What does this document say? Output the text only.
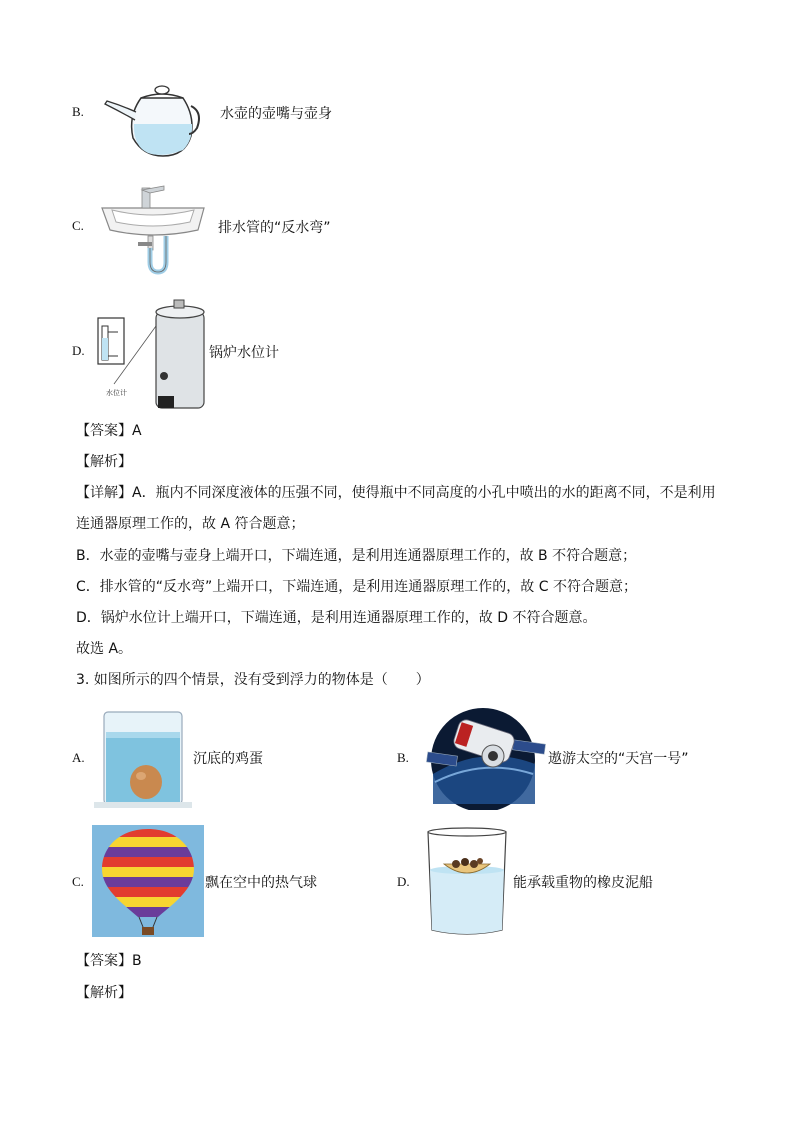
B.	水壶的壶嘴与壶身
C.	排水管的“反水弯”
D.
水位计
锅炉水位计
【答案】A
【解析】
【详解】A．瓶内不同深度液体的压强不同，使得瓶中不同高度的小孔中喷出的水的距离不同，不是利用
连通器原理工作的，故 A 符合题意；
B．水壶的壶嘴与壶身上端开口，下端连通，是利用连通器原理工作的，故 B 不符合题意；
C．排水管的“反水弯”上端开口，下端连通，是利用连通器原理工作的，故 C 不符合题意；
D．锅炉水位计上端开口，下端连通，是利用连通器原理工作的，故 D 不符合题意。
故选 A。
3. 如图所示的四个情景，没有受到浮力的物体是（　　）
A.	沉底的鸡蛋	B.	遨游太空的“天宫一号”
C.	飘在空中的热气球	D.	能承载重物的橡皮泥船
【答案】B
【解析】
